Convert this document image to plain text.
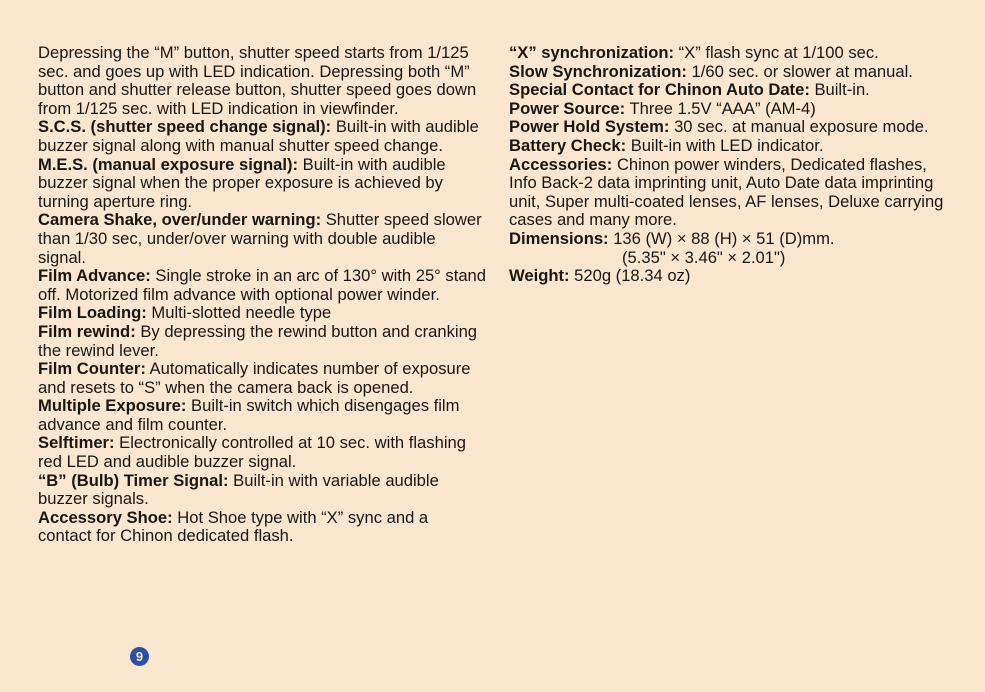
Depressing the “M” button, shutter speed starts from 1/125 sec. and goes up with LED indication. Depressing both “M” button and shutter release button, shutter speed goes down from 1/125 sec. with LED indication in viewfinder.

S.C.S. (shutter speed change signal): Built-in with audible buzzer signal along with manual shutter speed change.

M.E.S. (manual exposure signal): Built-in with audible buzzer signal when the proper exposure is achieved by turning aperture ring.

Camera Shake, over/under warning: Shutter speed slower than 1/30 sec, under/over warning with double audible signal.

Film Advance: Single stroke in an arc of 130° with 25° stand off. Motorized film advance with optional power winder.

Film Loading: Multi-slotted needle type

Film rewind: By depressing the rewind button and cranking the rewind lever.

Film Counter: Automatically indicates number of exposure and resets to “S” when the camera back is opened.

Multiple Exposure: Built-in switch which disengages film advance and film counter.

Selftimer: Electronically controlled at 10 sec. with flashing red LED and audible buzzer signal.

“B” (Bulb) Timer Signal: Built-in with variable audible buzzer signals.

Accessory Shoe: Hot Shoe type with “X” sync and a contact for Chinon dedicated flash.

“X” synchronization: “X” flash sync at 1/100 sec.

Slow Synchronization: 1/60 sec. or slower at manual.

Special Contact for Chinon Auto Date: Built-in.

Power Source: Three 1.5V “AAA” (AM-4)

Power Hold System: 30 sec. at manual exposure mode.

Battery Check: Built-in with LED indicator.

Accessories: Chinon power winders, Dedicated flashes, Info Back-2 data imprinting unit, Auto Date data imprinting unit, Super multi-coated lenses, AF lenses, Deluxe carrying cases and many more.

Dimensions: 136 (W) × 88 (H) × 51 (D)mm.
(5.35" × 3.46" × 2.01")

Weight: 520g (18.34 oz)

9
